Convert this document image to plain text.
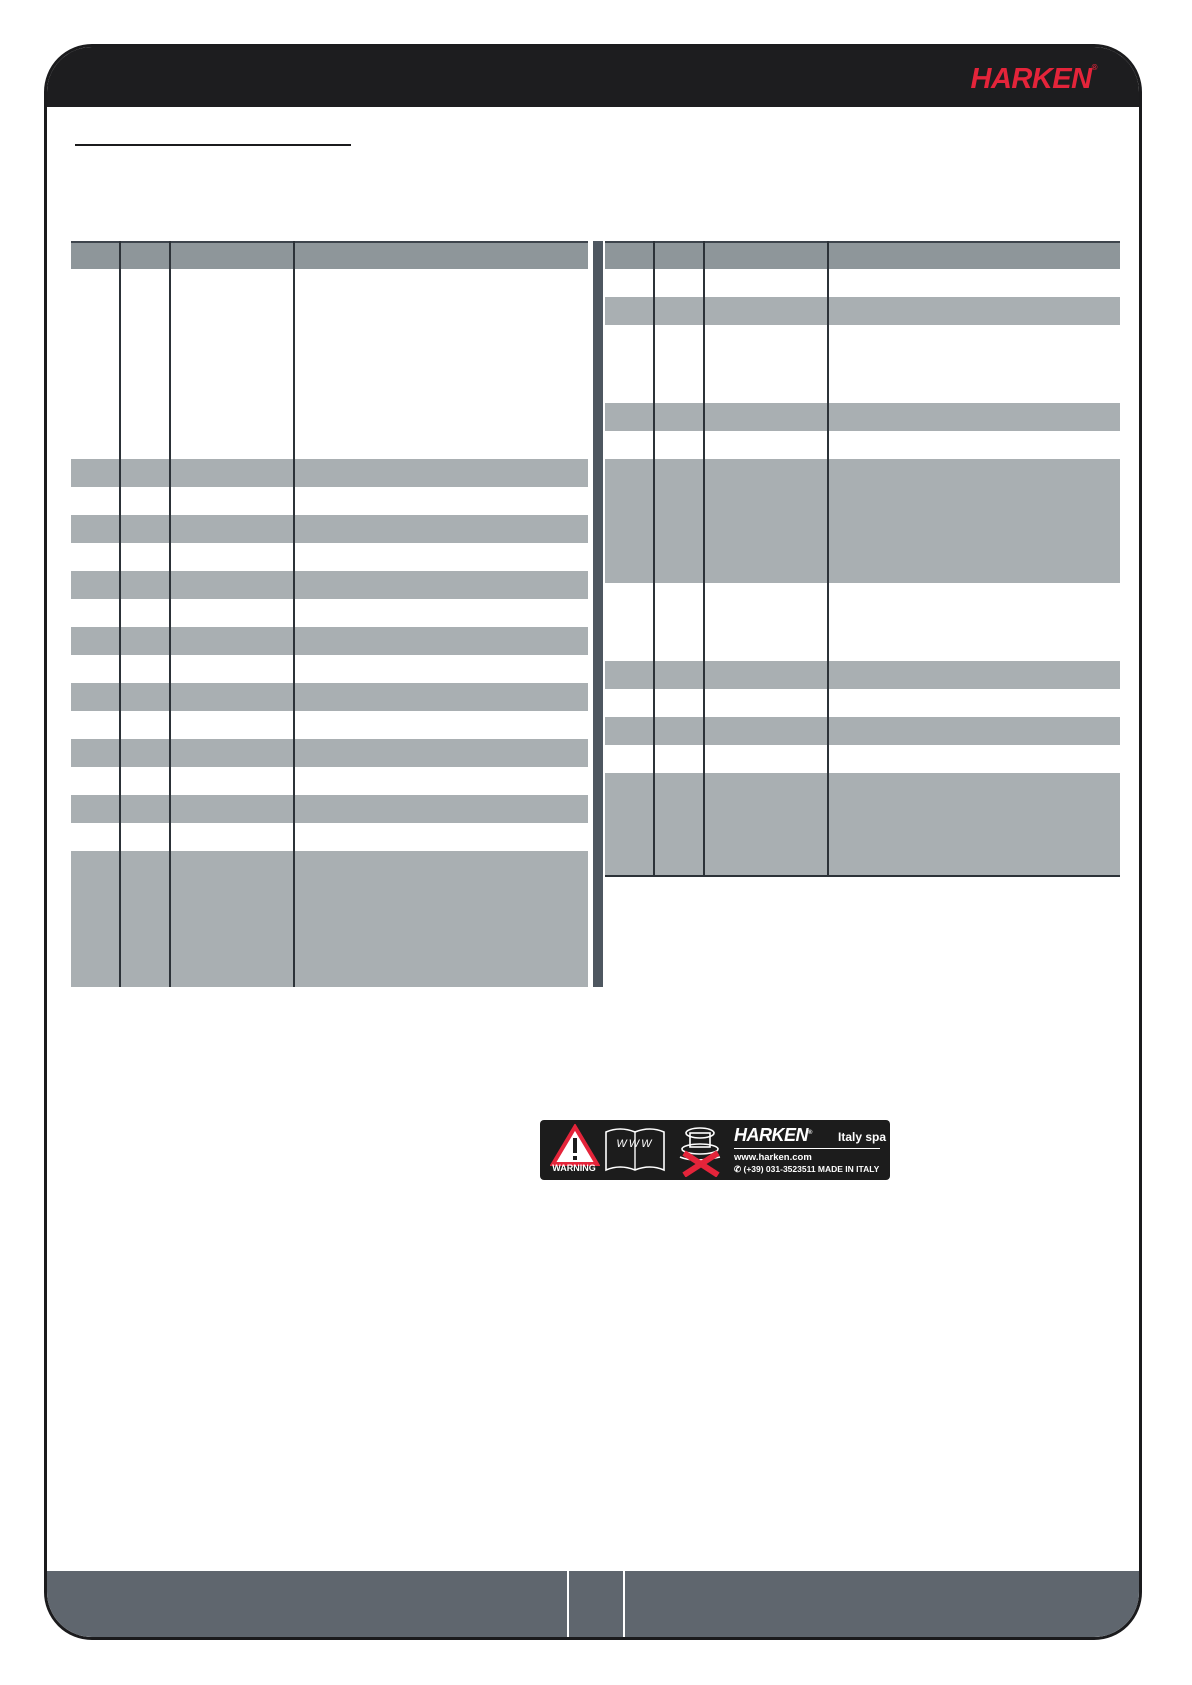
HARKEN®
WARNING
WWW	HARKEN® Italy spa
www.harken.com
✆ (+39) 031-3523511 MADE IN ITALY
